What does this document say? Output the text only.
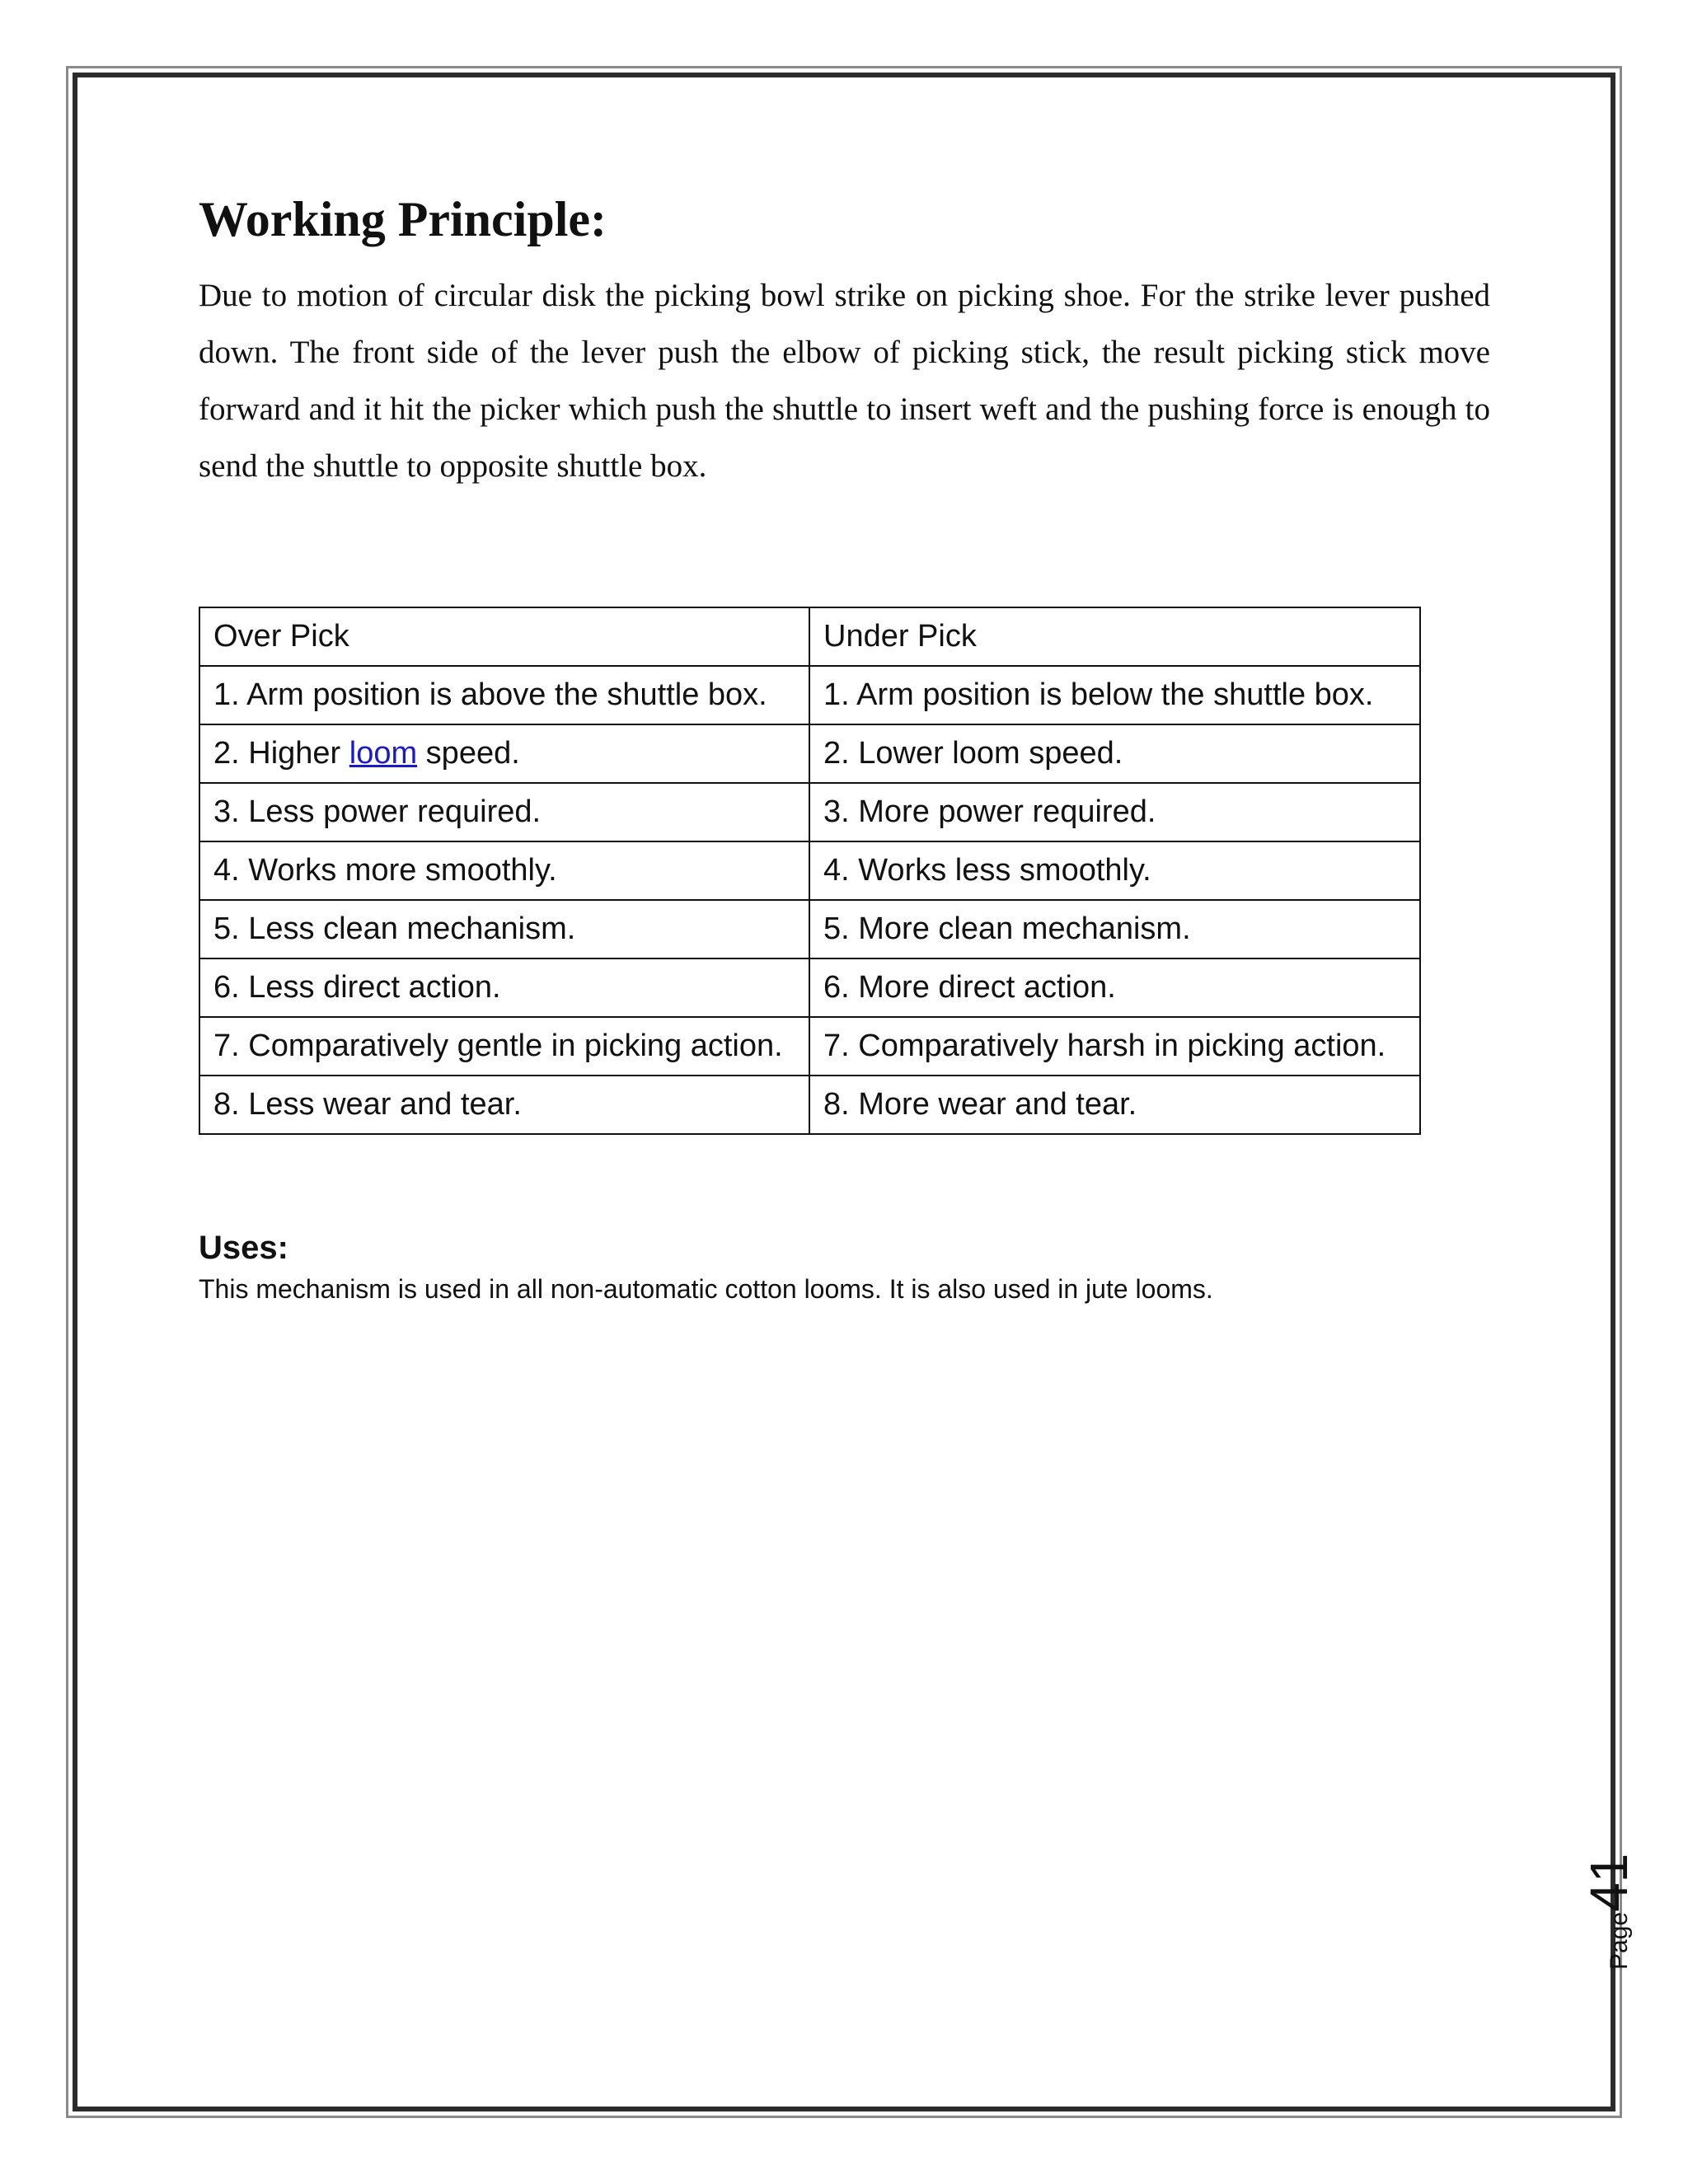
Working Principle:

Due to motion of circular disk the picking bowl strike on picking shoe. For the strike lever pushed down. The front side of the lever push the elbow of picking stick, the result picking stick move forward and it hit the picker which push the shuttle to insert weft and the pushing force is enough to send the shuttle to opposite shuttle box.

Over Pick	Under Pick
1. Arm position is above the shuttle box.	1. Arm position is below the shuttle box.
2. Higher loom speed.	2. Lower loom speed.
3. Less power required.	3. More power required.
4. Works more smoothly.	4. Works less smoothly.
5. Less clean mechanism.	5. More clean mechanism.
6. Less direct action.	6. More direct action.
7. Comparatively gentle in picking action.	7. Comparatively harsh in picking action.
8. Less wear and tear.	8. More wear and tear.
Uses:

This mechanism is used in all non-automatic cotton looms. It is also used in jute looms.

Page41
